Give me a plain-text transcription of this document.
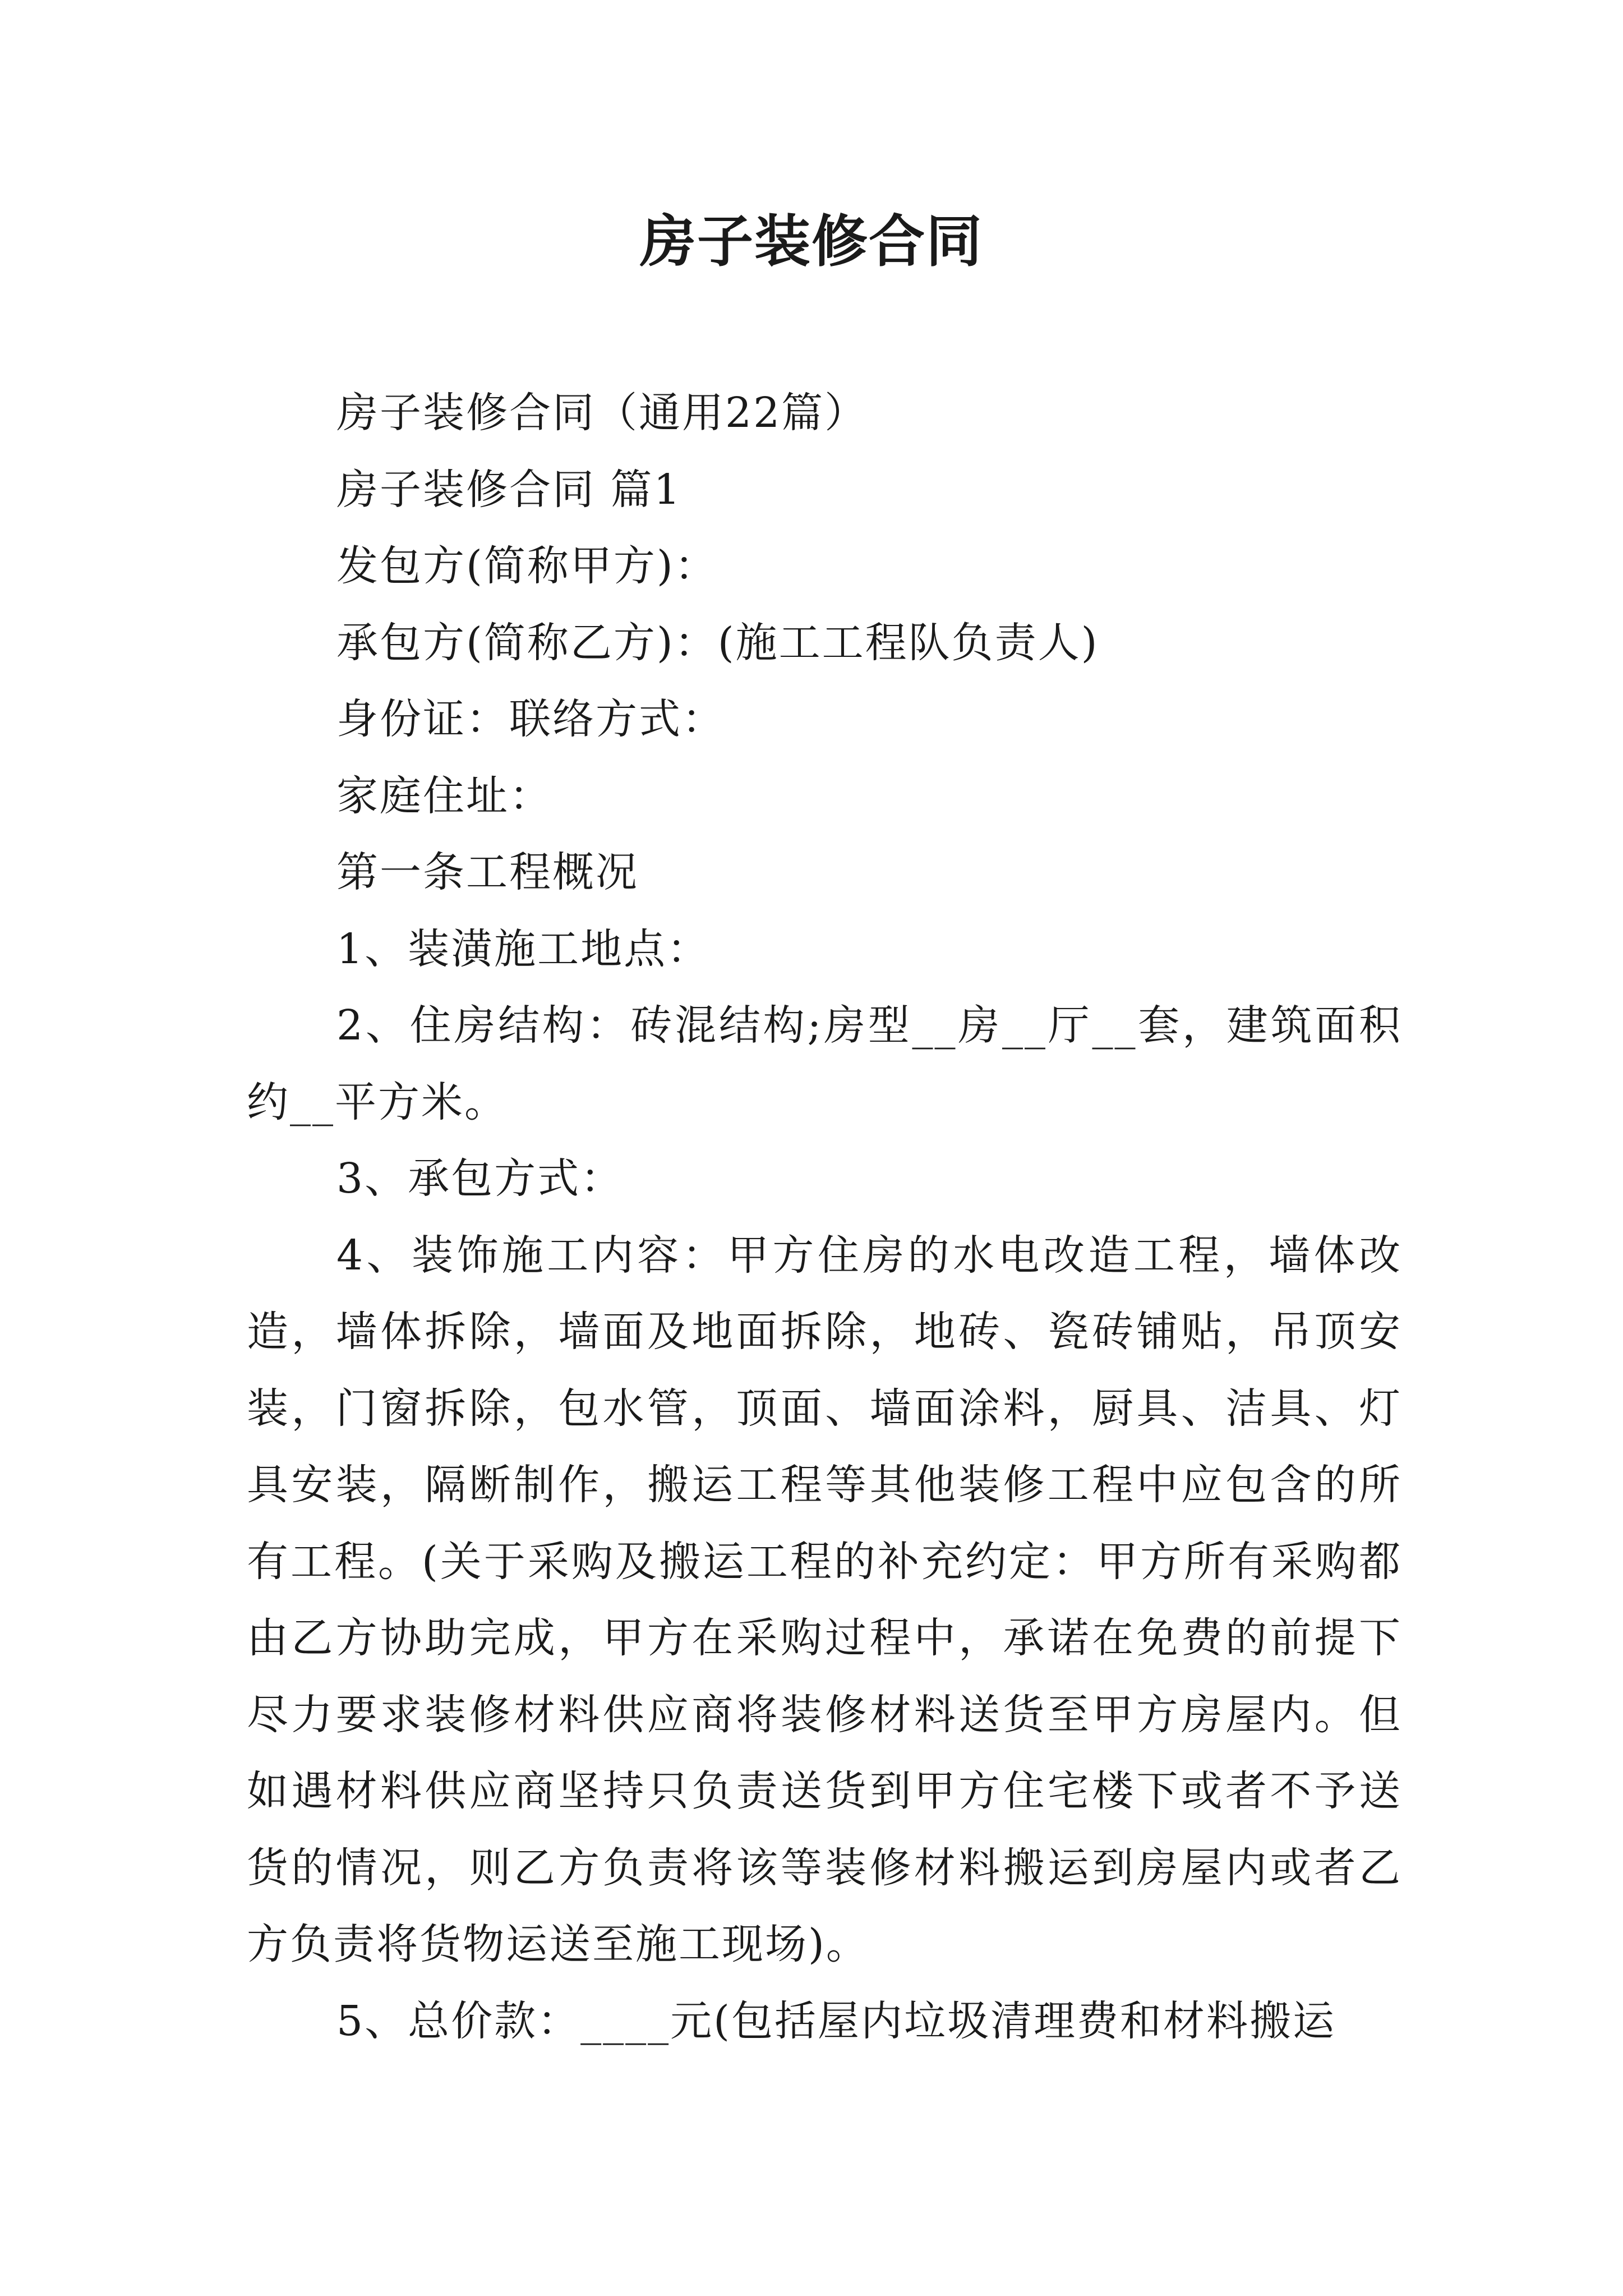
房子装修合同

房子装修合同（通用22篇）

房子装修合同 篇1

发包方(简称甲方)：

承包方(简称乙方)：(施工工程队负责人)

身份证：联络方式：

家庭住址：

第一条工程概况

1、装潢施工地点：

2、住房结构：砖混结构;房型__房__厅__套，建筑面积约__平方米。

3、承包方式：

4、装饰施工内容：甲方住房的水电改造工程，墙体改造，墙体拆除，墙面及地面拆除，地砖、瓷砖铺贴，吊顶安装，门窗拆除，包水管，顶面、墙面涂料，厨具、洁具、灯具安装，隔断制作，搬运工程等其他装修工程中应包含的所有工程。(关于采购及搬运工程的补充约定：甲方所有采购都由乙方协助完成，甲方在采购过程中，承诺在免费的前提下尽力要求装修材料供应商将装修材料送货至甲方房屋内。但如遇材料供应商坚持只负责送货到甲方住宅楼下或者不予送货的情况，则乙方负责将该等装修材料搬运到房屋内或者乙方负责将货物运送至施工现场)。

5、总价款：____元(包括屋内垃圾清理费和材料搬运
